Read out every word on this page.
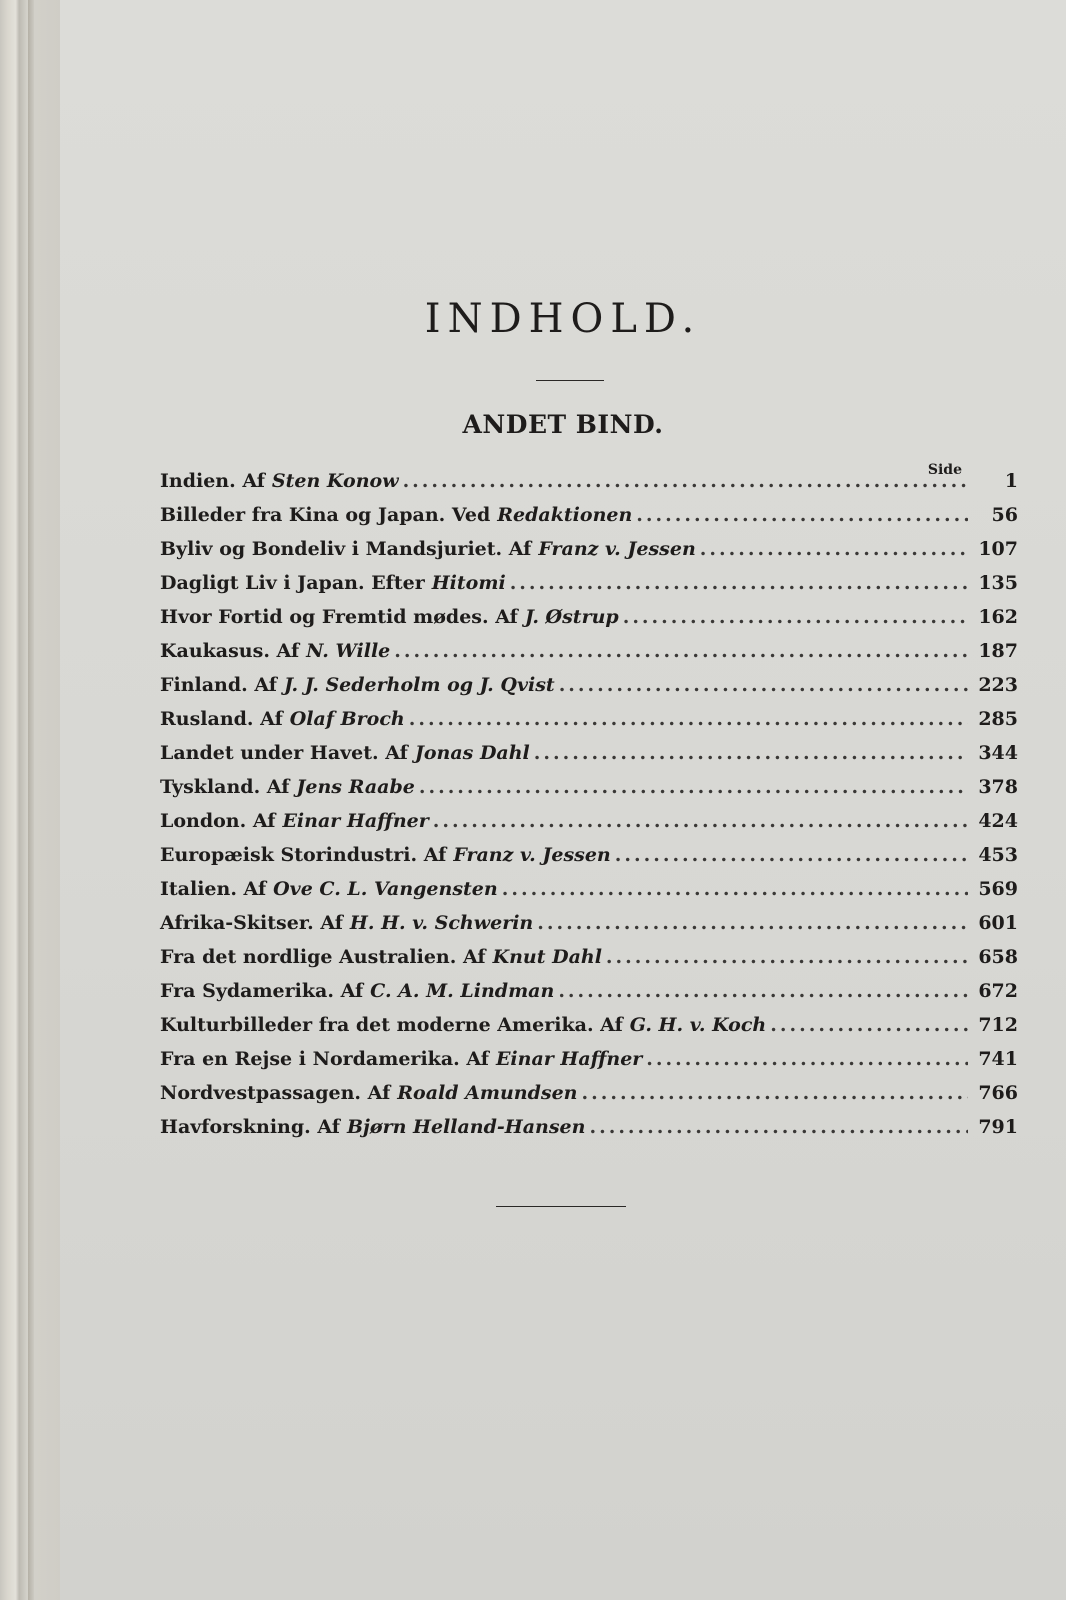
INDHOLD.
ANDET BIND.
Side
Indien. Af Sten Konow .....	1
Billeder fra Kina og Japan. Ved Redaktionen .....	56
Byliv og Bondeliv i Mandsjuriet. Af Franz v. Jessen .....	107
Dagligt Liv i Japan. Efter Hitomi .....	135
Hvor Fortid og Fremtid mødes. Af J. Østrup .....	162
Kaukasus. Af N. Wille .....	187
Finland. Af J. J. Sederholm og J. Qvist .....	223
Rusland. Af Olaf Broch .....	285
Landet under Havet. Af Jonas Dahl .....	344
Tyskland. Af Jens Raabe .....	378
London. Af Einar Haffner .....	424
Europæisk Storindustri. Af Franz v. Jessen .....	453
Italien. Af Ove C. L. Vangensten .....	569
Afrika-Skitser. Af H. H. v. Schwerin .....	601
Fra det nordlige Australien. Af Knut Dahl .....	658
Fra Sydamerika. Af C. A. M. Lindman .....	672
Kulturbilleder fra det moderne Amerika. Af G. H. v. Koch .....	712
Fra en Rejse i Nordamerika. Af Einar Haffner .....	741
Nordvestpassagen. Af Roald Amundsen .....	766
Havforskning. Af Bjørn Helland-Hansen .....	791
